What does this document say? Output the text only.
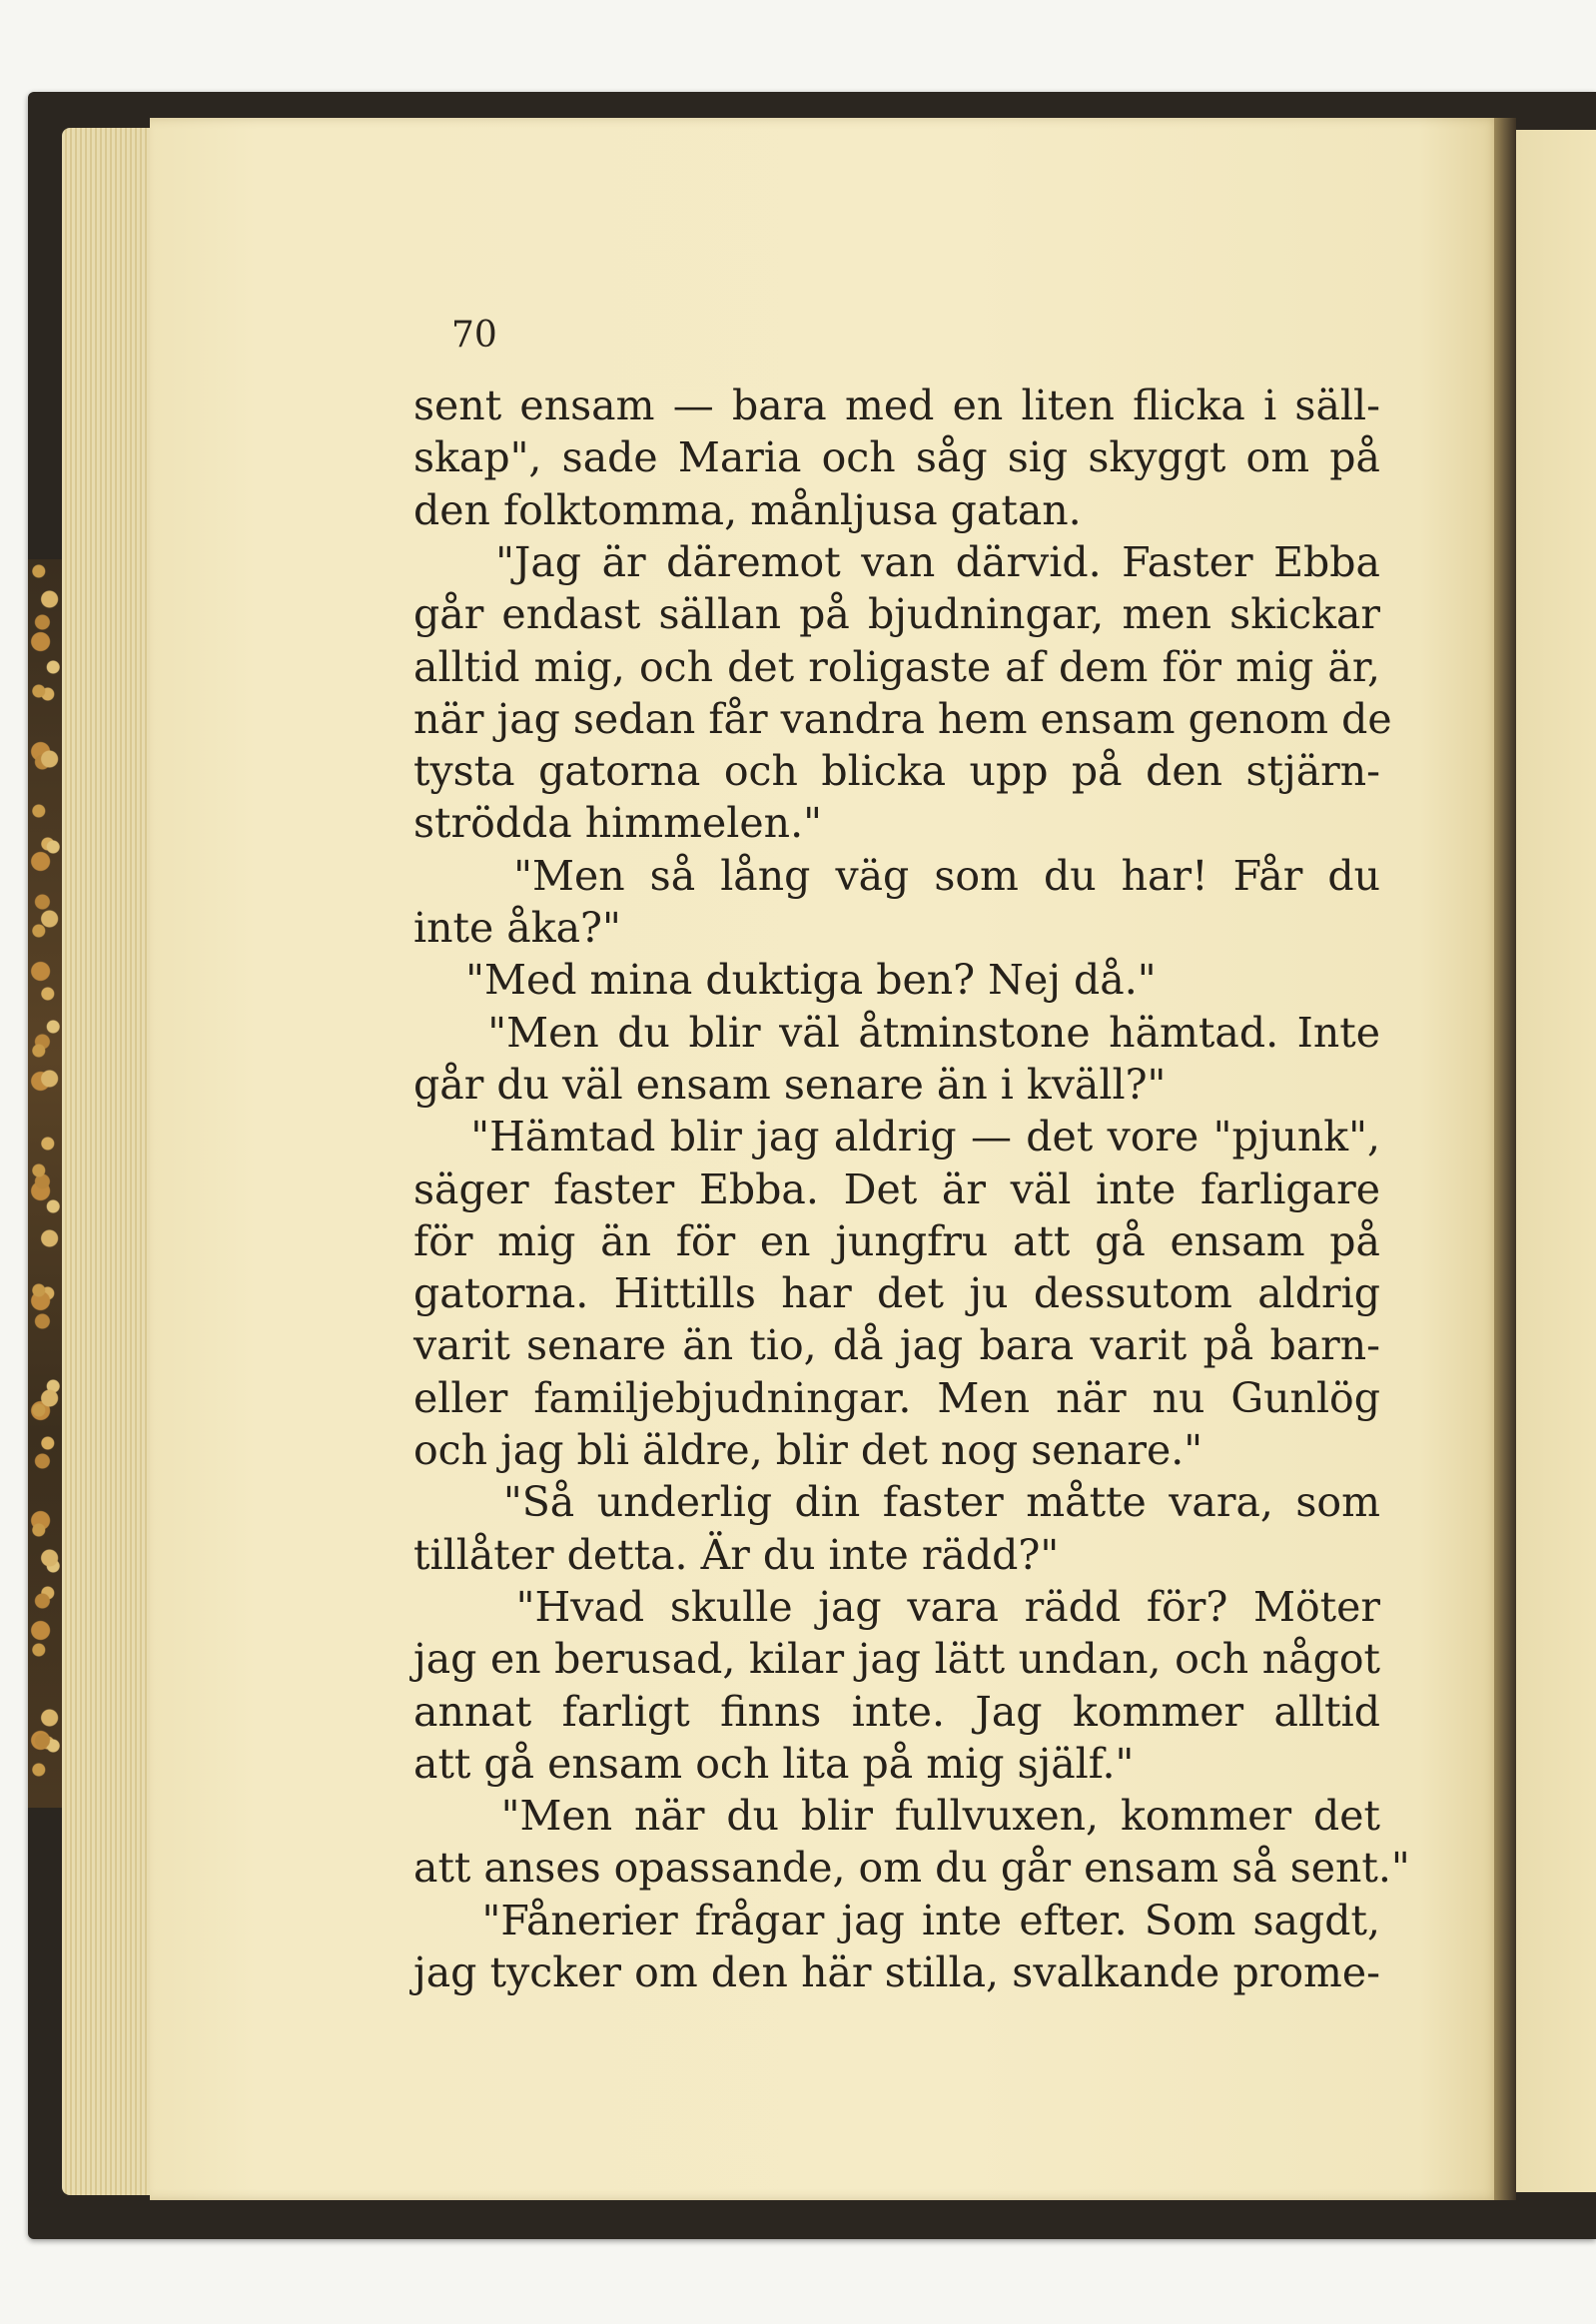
70

sent ensam — bara med en liten flicka i säll-

skap", sade Maria och såg sig skyggt om på

den folktomma, månljusa gatan.

"Jag är däremot van därvid. Faster Ebba

går endast sällan på bjudningar, men skickar

alltid mig, och det roligaste af dem för mig är,

när jag sedan får vandra hem ensam genom de

tysta gatorna och blicka upp på den stjärn-

strödda himmelen."

"Men så lång väg som du har! Får du

inte åka?"

"Med mina duktiga ben? Nej då."

"Men du blir väl åtminstone hämtad. Inte

går du väl ensam senare än i kväll?"

"Hämtad blir jag aldrig — det vore "pjunk",

säger faster Ebba. Det är väl inte farligare

för mig än för en jungfru att gå ensam på

gatorna. Hittills har det ju dessutom aldrig

varit senare än tio, då jag bara varit på barn-

eller familjebjudningar. Men när nu Gunlög

och jag bli äldre, blir det nog senare."

"Så underlig din faster måtte vara, som

tillåter detta. Är du inte rädd?"

"Hvad skulle jag vara rädd för? Möter

jag en berusad, kilar jag lätt undan, och något

annat farligt finns inte. Jag kommer alltid

att gå ensam och lita på mig själf."

"Men när du blir fullvuxen, kommer det

att anses opassande, om du går ensam så sent."

"Fånerier frågar jag inte efter. Som sagdt,

jag tycker om den här stilla, svalkande prome-
